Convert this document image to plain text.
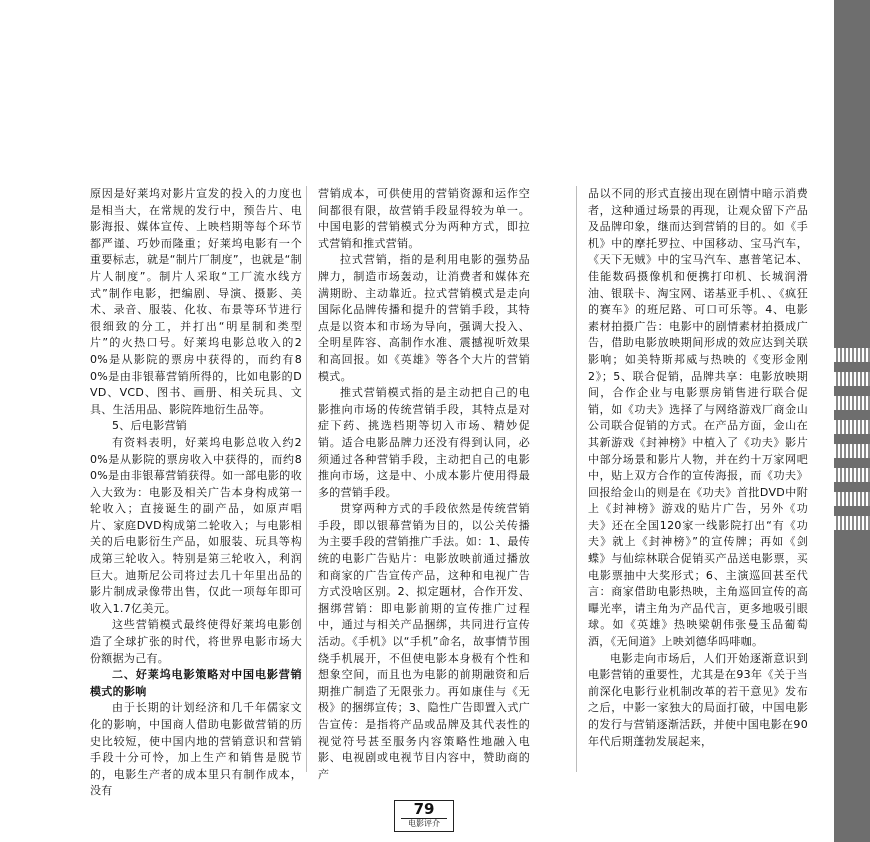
原因是好莱坞对影片宣发的投入的力度也是相当大，在常规的发行中，预告片、电影海报、媒体宣传、上映档期等每个环节都严谨、巧妙而隆重；好莱坞电影有一个重要标志，就是“制片厂制度”，也就是“制片人制度”。制片人采取“工厂流水线方式”制作电影，把编剧、导演、摄影、美术、录音、服装、化妆、布景等环节进行很细致的分工，并打出“明星制和类型片”的火热口号。好莱坞电影总收入的20%是从影院的票房中获得的，而约有80%是由非银幕营销所得的，比如电影的DVD、VCD、图书、画册、相关玩具、文具、生活用品、影院阵地衍生品等。

5、后电影营销

有资料表明，好莱坞电影总收入约20%是从影院的票房收入中获得的，而约80%是由非银幕营销获得。如一部电影的收入大致为：电影及相关广告本身构成第一轮收入；直接诞生的副产品，如原声唱片、家庭DVD构成第二轮收入；与电影相关的后电影衍生产品，如服装、玩具等构成第三轮收入。特别是第三轮收入，利润巨大。迪斯尼公司将过去几十年里出品的影片制成录像带出售，仅此一项每年即可收入1.7亿美元。

这些营销模式最终使得好莱坞电影创造了全球扩张的时代，将世界电影市场大份额据为己有。

二、好莱坞电影策略对中国电影营销模式的影响

由于长期的计划经济和几千年儒家文化的影响，中国商人借助电影做营销的历史比较短，使中国内地的营销意识和营销手段十分可怜，加上生产和销售是脱节的，电影生产者的成本里只有制作成本，没有

营销成本，可供使用的营销资源和运作空间都很有限，故营销手段显得较为单一。中国电影的营销模式分为两种方式，即拉式营销和推式营销。

拉式营销，指的是利用电影的强势品牌力，制造市场轰动，让消费者和媒体充满期盼、主动靠近。拉式营销模式是走向国际化品牌传播和提升的营销手段，其特点是以资本和市场为导向，强调大投入、全明星阵容、高制作水准、震撼视听效果和高回报。如《英雄》等各个大片的营销模式。

推式营销模式指的是主动把自己的电影推向市场的传统营销手段，其特点是对症下药、挑选档期等切入市场、精妙促销。适合电影品牌力还没有得到认同，必须通过各种营销手段，主动把自己的电影推向市场，这是中、小成本影片使用得最多的营销手段。

贯穿两种方式的手段依然是传统营销手段，即以银幕营销为目的，以公关传播为主要手段的营销推广手法。如：1、最传统的电影广告贴片：电影放映前通过播放和商家的广告宣传产品，这种和电视广告方式没啥区别。2、拟定题材，合作开发、捆绑营销：即电影前期的宣传推广过程中，通过与相关产品捆绑，共同进行宣传活动。《手机》以“手机”命名，故事情节围绕手机展开，不但使电影本身极有个性和想象空间，而且也为电影的前期融资和后期推广制造了无限张力。再如康佳与《无极》的捆绑宣传；3、隐性广告即置入式广告宣传：是指将产品或品牌及其代表性的视觉符号甚至服务内容策略性地融入电影、电视剧或电视节目内容中，赞助商的产

品以不同的形式直接出现在剧情中暗示消费者，这种通过场景的再现，让观众留下产品及品牌印象，继而达到营销的目的。如《手机》中的摩托罗拉、中国移动、宝马汽车，《天下无贼》中的宝马汽车、惠普笔记本、佳能数码摄像机和便携打印机、长城润滑油、银联卡、淘宝网、诺基亚手机、、《疯狂的赛车》的班尼路、可口可乐等。4、电影素材拍摄广告：电影中的剧情素材拍摄成广告，借助电影放映期间形成的效应达到关联影响；如美特斯邦威与热映的《变形金刚2》；5、联合促销，品牌共享：电影放映期间，合作企业与电影票房销售进行联合促销，如《功夫》选择了与网络游戏厂商金山公司联合促销的方式。在产品方面，金山在其新游戏《封神榜》中植入了《功夫》影片中部分场景和影片人物，并在约十万家网吧中，贴上双方合作的宣传海报，而《功夫》回报给金山的则是在《功夫》首批DVD中附上《封神榜》游戏的贴片广告，另外《功夫》还在全国120家一线影院打出“有《功夫》就上《封神榜》”的宣传牌；再如《剑蝶》与仙综林联合促销买产品送电影票，买电影票抽中大奖形式；6、主演巡回甚至代言：商家借助电影热映，主角巡回宣传的高曝光率，请主角为产品代言，更多地吸引眼球。如《英雄》热映梁朝伟张曼玉品葡萄酒，《无间道》上映刘德华吗啡咖。

电影走向市场后，人们开始逐渐意识到电影营销的重要性，尤其是在93年《关于当前深化电影行业机制改革的若干意见》发布之后，中影一家独大的局面打破，中国电影的发行与营销逐渐活跃，并使中国电影在90年代后期蓬勃发展起来，

79
电影评介
